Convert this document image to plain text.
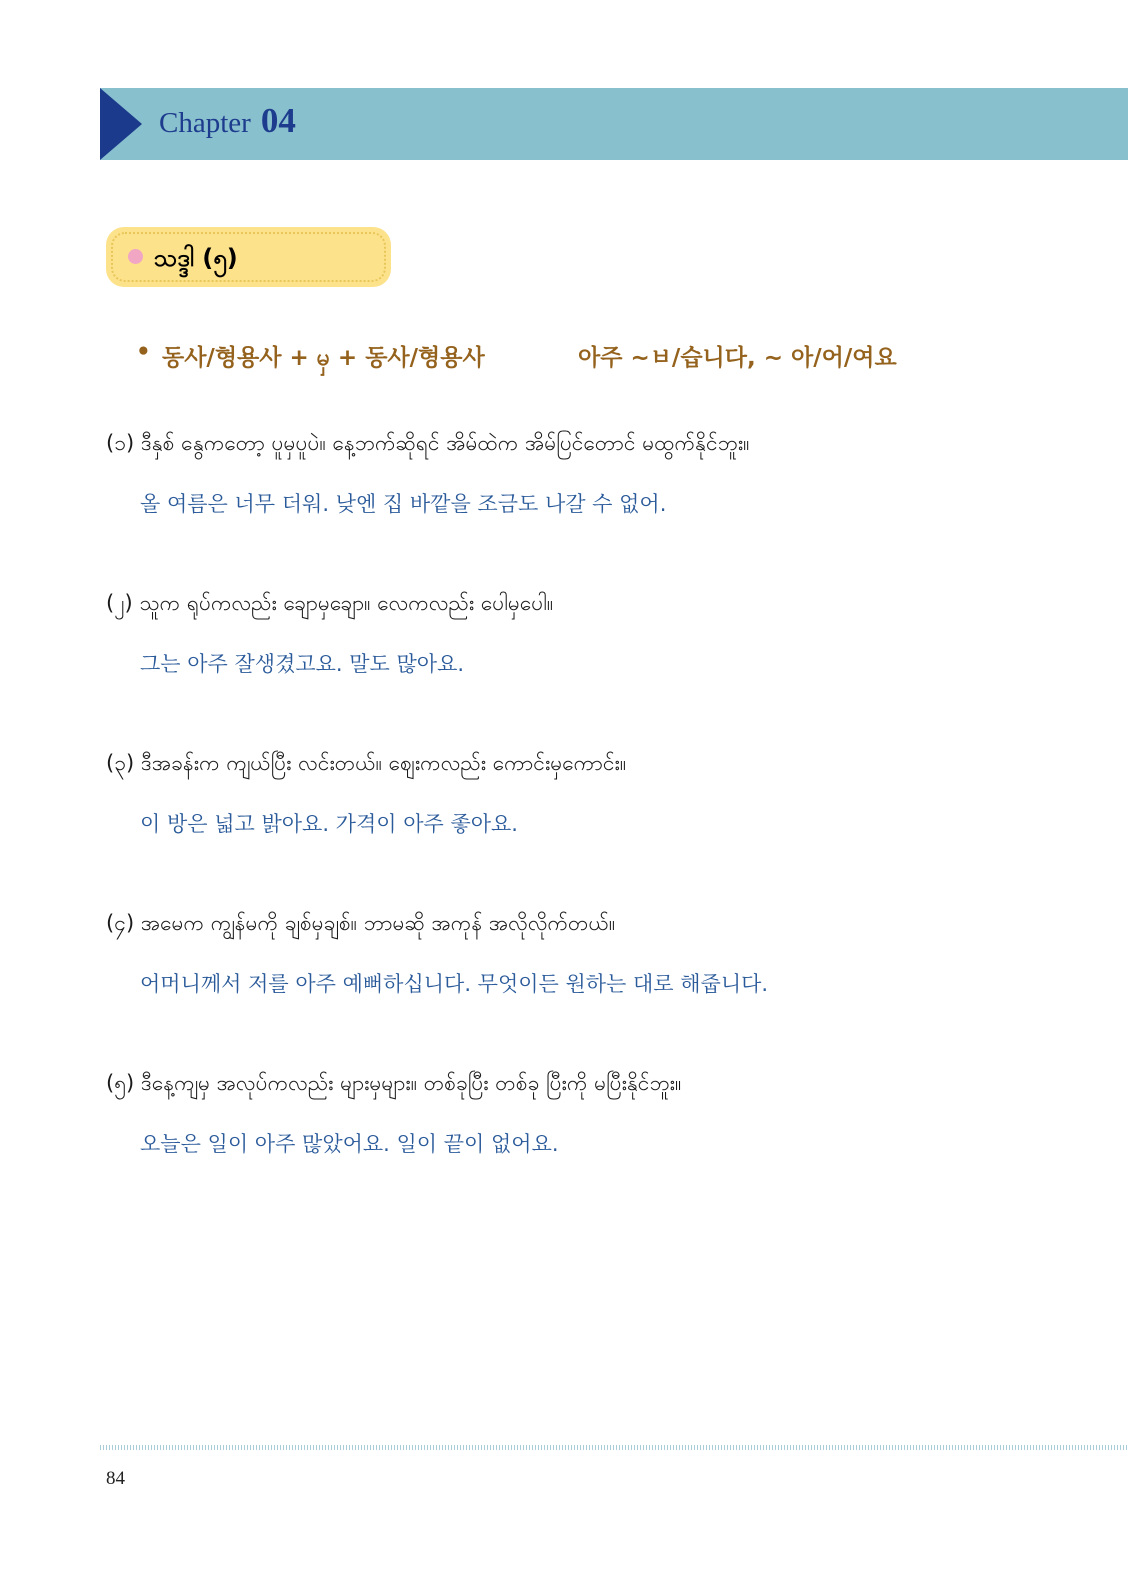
Chapter 04
သဒ္ဒါ (၅)
• 동사/형용사 + မှ + 동사/형용사	아주 ~ㅂ/습니다, ~ 아/어/여요
(၁) ဒီနှစ် နွေကတော့ ပူမှပူပဲ။ နေ့ဘက်ဆိုရင် အိမ်ထဲက အိမ်ပြင်တောင် မထွက်နိုင်ဘူး။
올 여름은 너무 더워. 낮엔 집 바깥을 조금도 나갈 수 없어.
(၂) သူက ရုပ်ကလည်း ချောမှချော။ လေကလည်း ပေါမှပေါ။
그는 아주 잘생겼고요. 말도 많아요.
(၃) ဒီအခန်းက ကျယ်ပြီး လင်းတယ်။ ဈေးကလည်း ကောင်းမှကောင်း။
이 방은 넓고 밝아요. 가격이 아주 좋아요.
(၄) အမေက ကျွန်မကို ချစ်မှချစ်။ ဘာမဆို အကုန် အလိုလိုက်တယ်။
어머니께서 저를 아주 예뻐하십니다. 무엇이든 원하는 대로 해줍니다.
(၅) ဒီနေ့ကျမှ အလုပ်ကလည်း များမှများ။ တစ်ခုပြီး တစ်ခု ပြီးကို မပြီးနိုင်ဘူး။
오늘은 일이 아주 많았어요. 일이 끝이 없어요.
84
